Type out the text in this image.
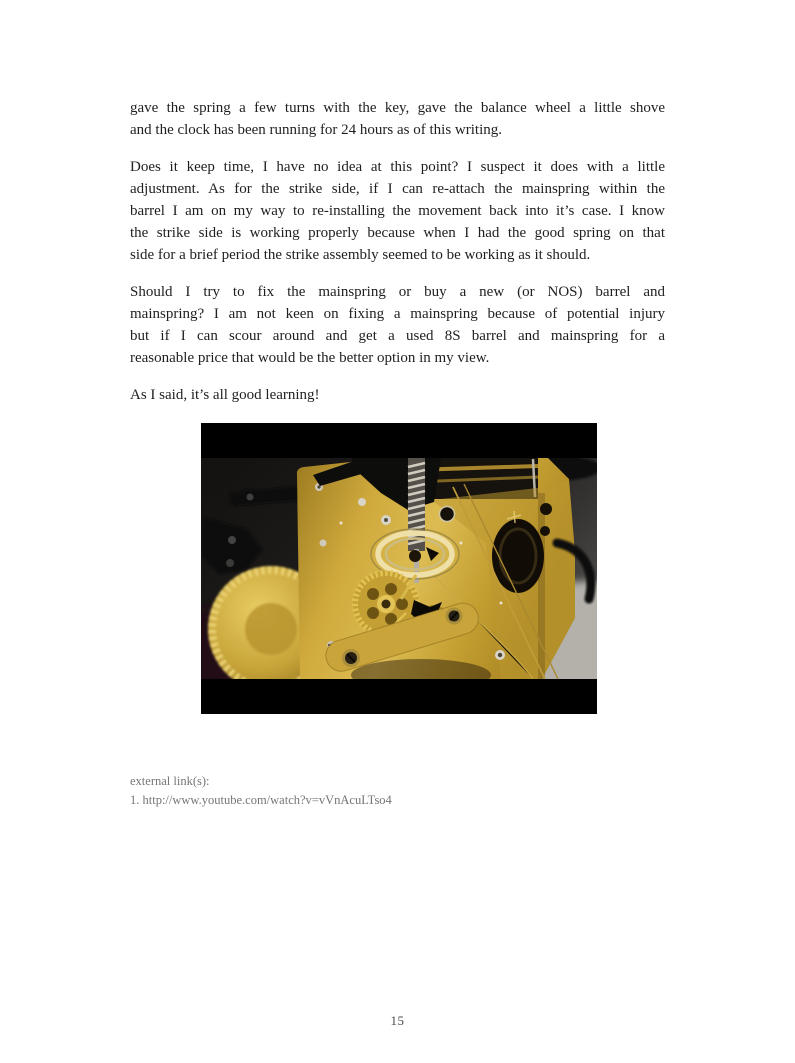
gave the spring a few turns with the key, gave the balance wheel a little shove
and the clock has been running for 24 hours as of this writing.

Does it keep time, I have no idea at this point? I suspect it does with a little
adjustment. As for the strike side, if I can re-attach the mainspring within the
barrel I am on my way to re-installing the movement back into it’s case. I know
the strike side is working properly because when I had the good spring on that
side for a brief period the strike assembly seemed to be working as it should.

Should I try to fix the mainspring or buy a new (or NOS) barrel and
mainspring? I am not keen on fixing a mainspring because of potential injury
but if I can scour around and get a used 8S barrel and mainspring for a
reasonable price that would be the better option in my view.

As I said, it’s all good learning!

external link(s):
1. http://www.youtube.com/watch?v=vVnAcuLTso4
15
